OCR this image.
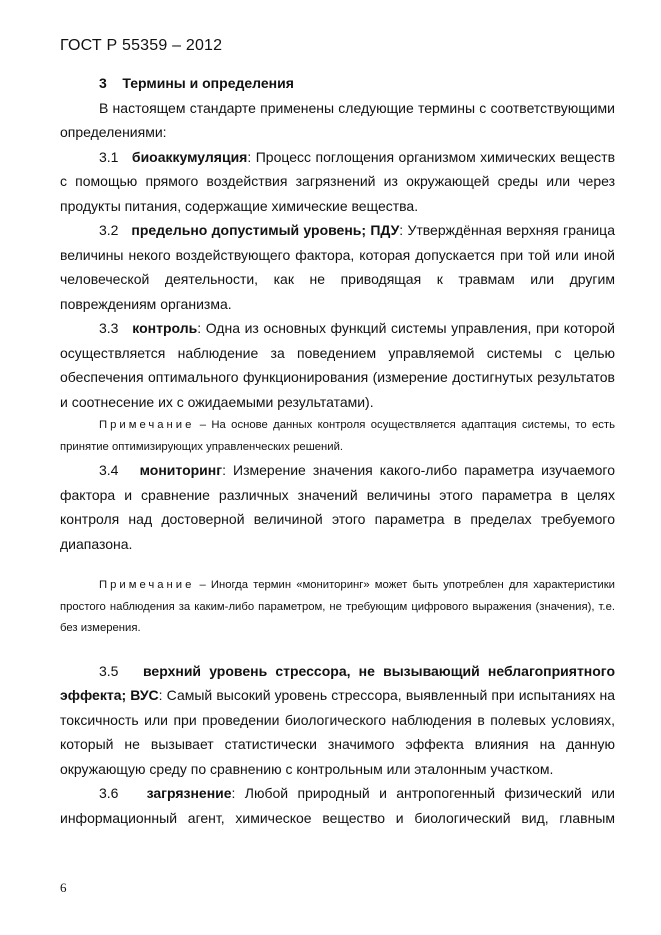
ГОСТ Р 55359 – 2012

3 Термины и определения

В настоящем стандарте применены следующие термины с соответствующими определениями:

3.1 биоаккумуляция: Процесс поглощения организмом химических веществ с помощью прямого воздействия загрязнений из окружающей среды или через продукты питания, содержащие химические вещества.

3.2 предельно допустимый уровень; ПДУ: Утверждённая верхняя граница величины некого воздействующего фактора, которая допускается при той или иной человеческой деятельности, как не приводящая к травмам или другим повреждениям организма.

3.3 контроль: Одна из основных функций системы управления, при которой осуществляется наблюдение за поведением управляемой системы с целью обеспечения оптимального функционирования (измерение достигнутых результатов и соотнесение их с ожидаемыми результатами).

Примечание – На основе данных контроля осуществляется адаптация системы, то есть принятие оптимизирующих управленческих решений.

3.4 мониторинг: Измерение значения какого-либо параметра изучаемого фактора и сравнение различных значений величины этого параметра в целях контроля над достоверной величиной этого параметра в пределах требуемого диапазона.

Примечание – Иногда термин «мониторинг» может быть употреблен для характеристики простого наблюдения за каким-либо параметром, не требующим цифрового выражения (значения), т.е. без измерения.

3.5 верхний уровень стрессора, не вызывающий неблагоприятного эффекта; ВУС: Самый высокий уровень стрессора, выявленный при испытаниях на токсичность или при проведении биологического наблюдения в полевых условиях, который не вызывает статистически значимого эффекта влияния на данную окружающую среду по сравнению с контрольным или эталонным участком.

3.6 загрязнение: Любой природный и антропогенный физический или информационный агент, химическое вещество и биологический вид, главным

6
